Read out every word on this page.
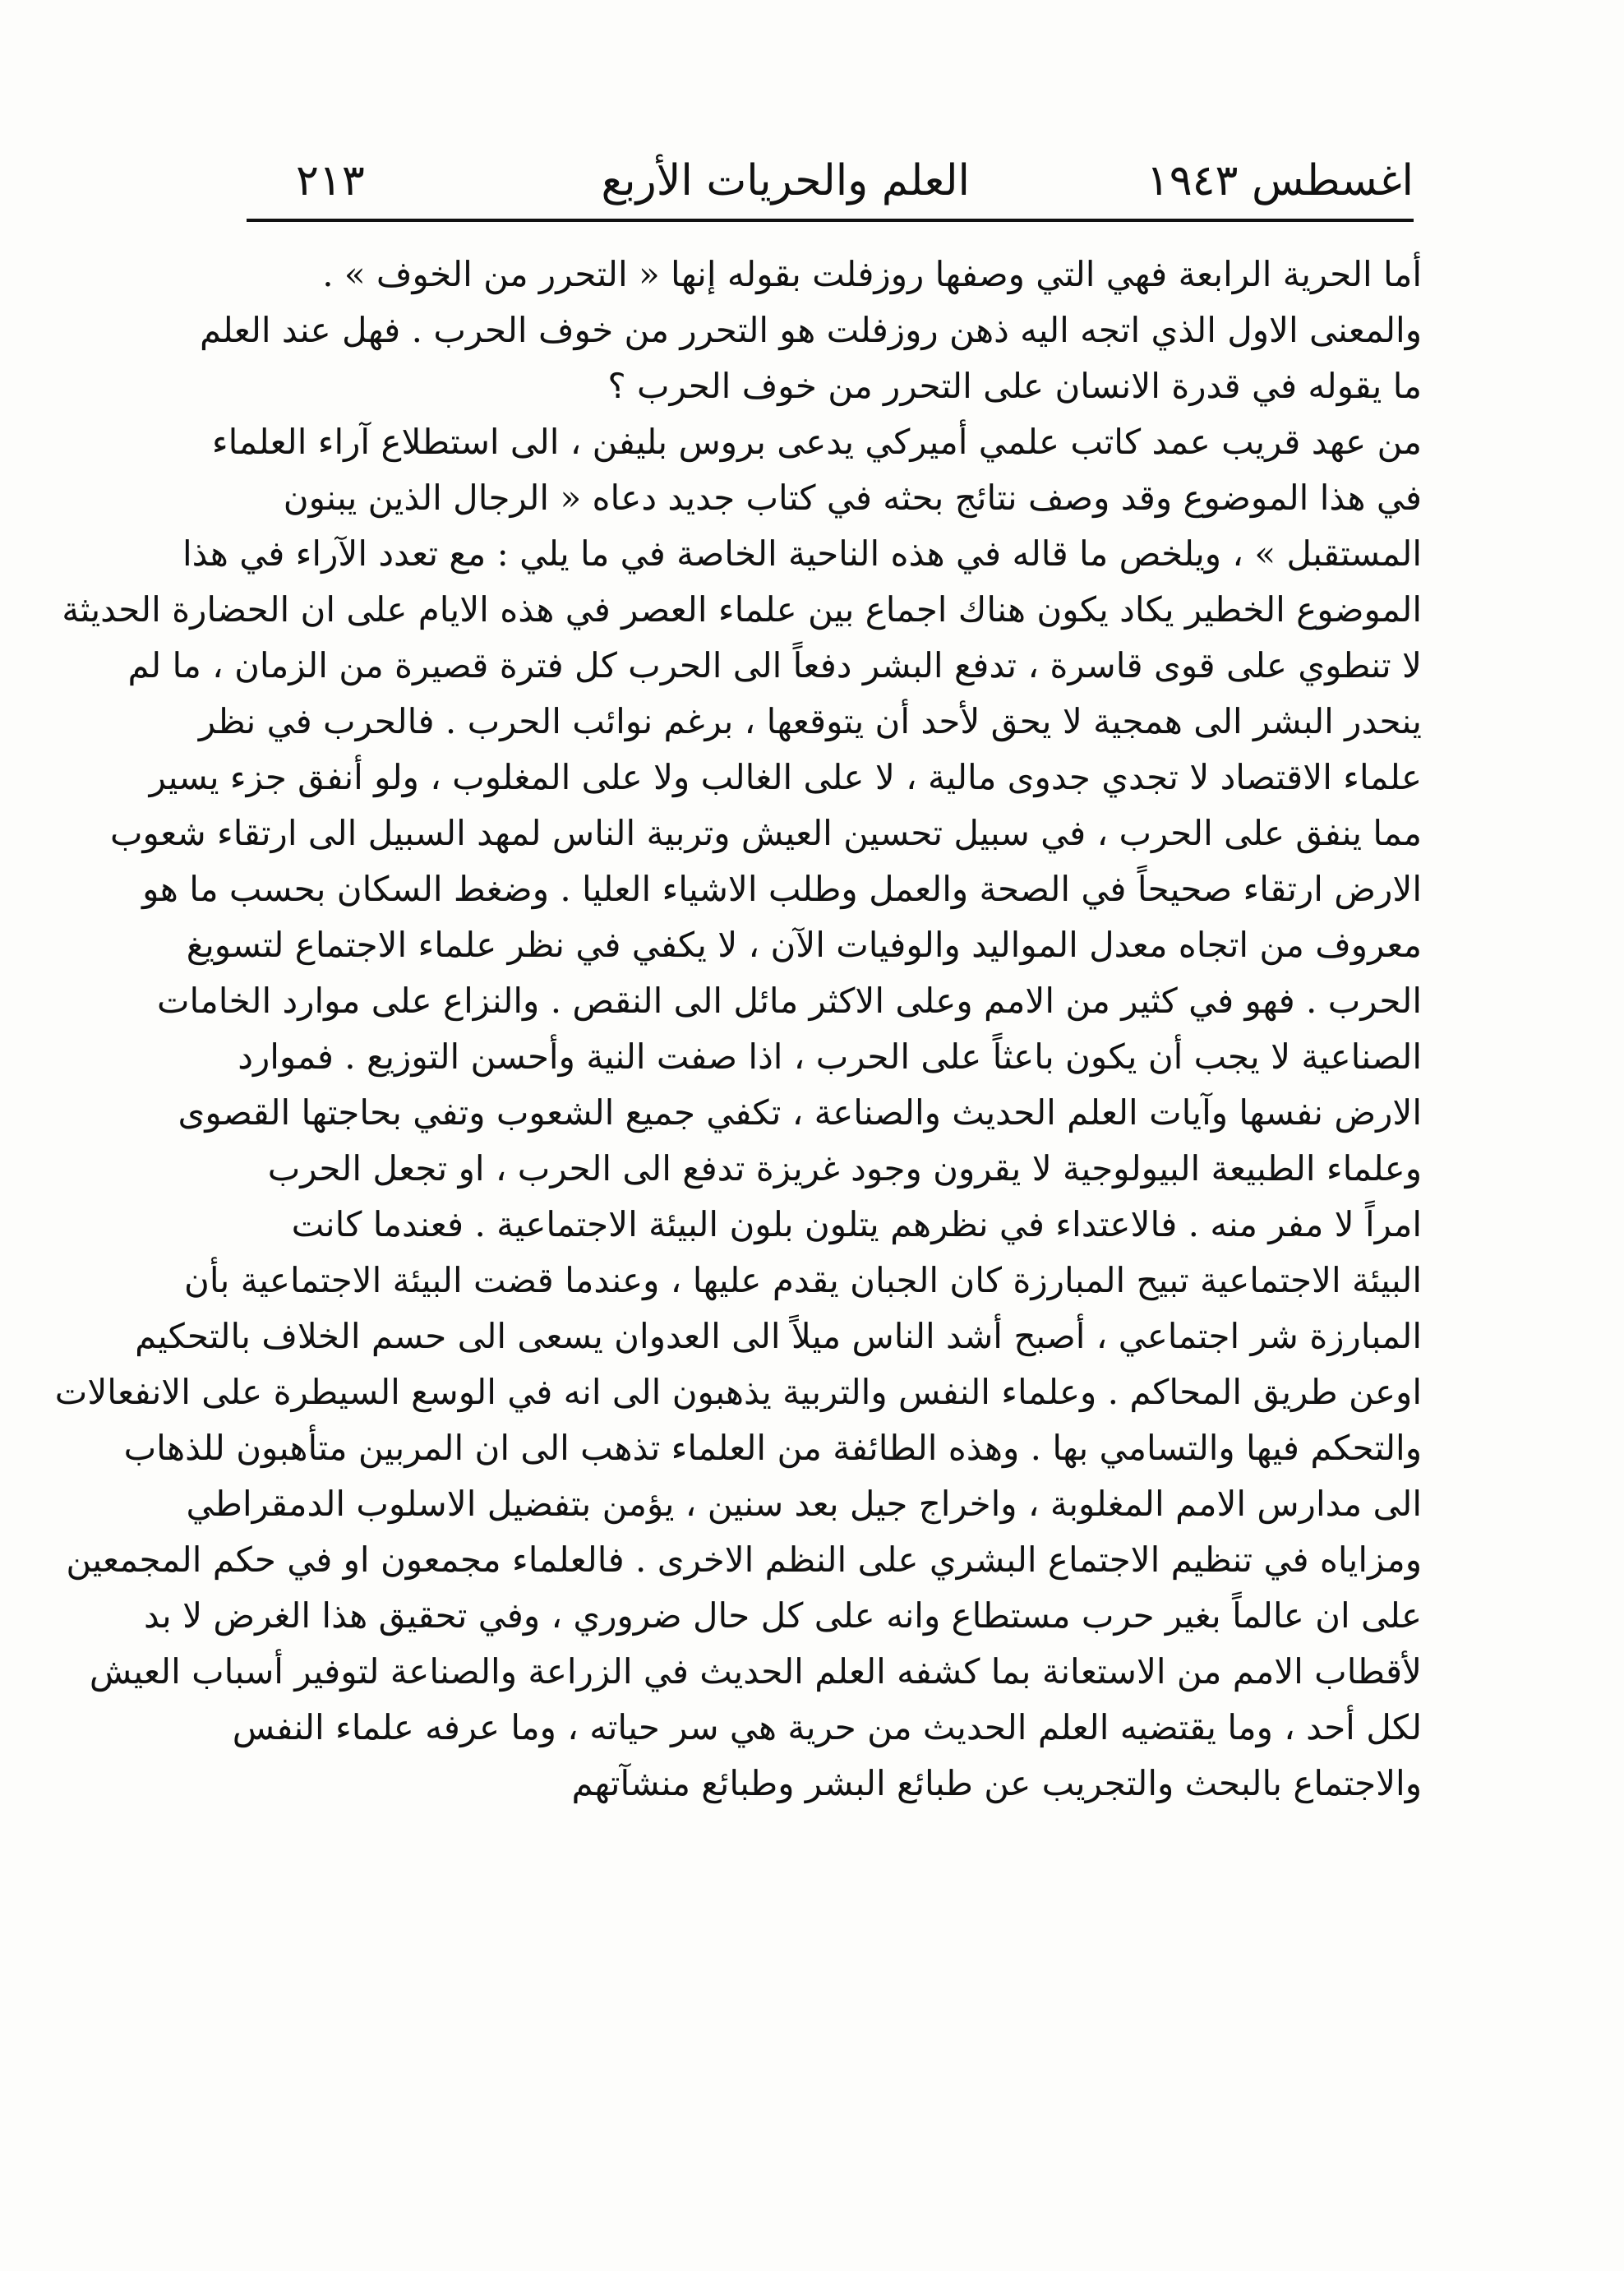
اغسطس ١٩٤٣
العلم والحريات الأربع
٢١٣
أما الحرية الرابعة فهي التي وصفها روزفلت بقوله إنها « التحرر من الخوف » .
والمعنى الاول الذي اتجه اليه ذهن روزفلت هو التحرر من خوف الحرب . فهل عند العلم
ما يقوله في قدرة الانسان على التحرر من خوف الحرب ؟
من عهد قريب عمد كاتب علمي أميركي يدعى بروس بليفن ، الى استطلاع آراء العلماء
في هذا الموضوع وقد وصف نتائج بحثه في كتاب جديد دعاه « الرجال الذين يبنون
المستقبل » ، ويلخص ما قاله في هذه الناحية الخاصة في ما يلي : مع تعدد الآراء في هذا
الموضوع الخطير يكاد يكون هناك اجماع بين علماء العصر في هذه الايام على ان الحضارة الحديثة
لا تنطوي على قوى قاسرة ، تدفع البشر دفعاً الى الحرب كل فترة قصيرة من الزمان ، ما لم
ينحدر البشر الى همجية لا يحق لأحد أن يتوقعها ، برغم نوائب الحرب . فالحرب في نظر
علماء الاقتصاد لا تجدي جدوى مالية ، لا على الغالب ولا على المغلوب ، ولو أنفق جزء يسير
مما ينفق على الحرب ، في سبيل تحسين العيش وتربية الناس لمهد السبيل الى ارتقاء شعوب
الارض ارتقاء صحيحاً في الصحة والعمل وطلب الاشياء العليا . وضغط السكان بحسب ما هو
معروف من اتجاه معدل المواليد والوفيات الآن ، لا يكفي في نظر علماء الاجتماع لتسويغ
الحرب . فهو في كثير من الامم وعلى الاكثر مائل الى النقص . والنزاع على موارد الخامات
الصناعية لا يجب أن يكون باعثاً على الحرب ، اذا صفت النية وأحسن التوزيع . فموارد
الارض نفسها وآيات العلم الحديث والصناعة ، تكفي جميع الشعوب وتفي بحاجتها القصوى
وعلماء الطبيعة البيولوجية لا يقرون وجود غريزة تدفع الى الحرب ، او تجعل الحرب
امراً لا مفر منه . فالاعتداء في نظرهم يتلون بلون البيئة الاجتماعية . فعندما كانت
البيئة الاجتماعية تبيح المبارزة كان الجبان يقدم عليها ، وعندما قضت البيئة الاجتماعية بأن
المبارزة شر اجتماعي ، أصبح أشد الناس ميلاً الى العدوان يسعى الى حسم الخلاف بالتحكيم
اوعن طريق المحاكم . وعلماء النفس والتربية يذهبون الى انه في الوسع السيطرة على الانفعالات
والتحكم فيها والتسامي بها . وهذه الطائفة من العلماء تذهب الى ان المربين متأهبون للذهاب
الى مدارس الامم المغلوبة ، واخراج جيل بعد سنين ، يؤمن بتفضيل الاسلوب الدمقراطي
ومزاياه في تنظيم الاجتماع البشري على النظم الاخرى . فالعلماء مجمعون او في حكم المجمعين
على ان عالماً بغير حرب مستطاع وانه على كل حال ضروري ، وفي تحقيق هذا الغرض لا بد
لأقطاب الامم من الاستعانة بما كشفه العلم الحديث في الزراعة والصناعة لتوفير أسباب العيش
لكل أحد ، وما يقتضيه العلم الحديث من حرية هي سر حياته ، وما عرفه علماء النفس
والاجتماع بالبحث والتجريب عن طبائع البشر وطبائع منشآتهم
